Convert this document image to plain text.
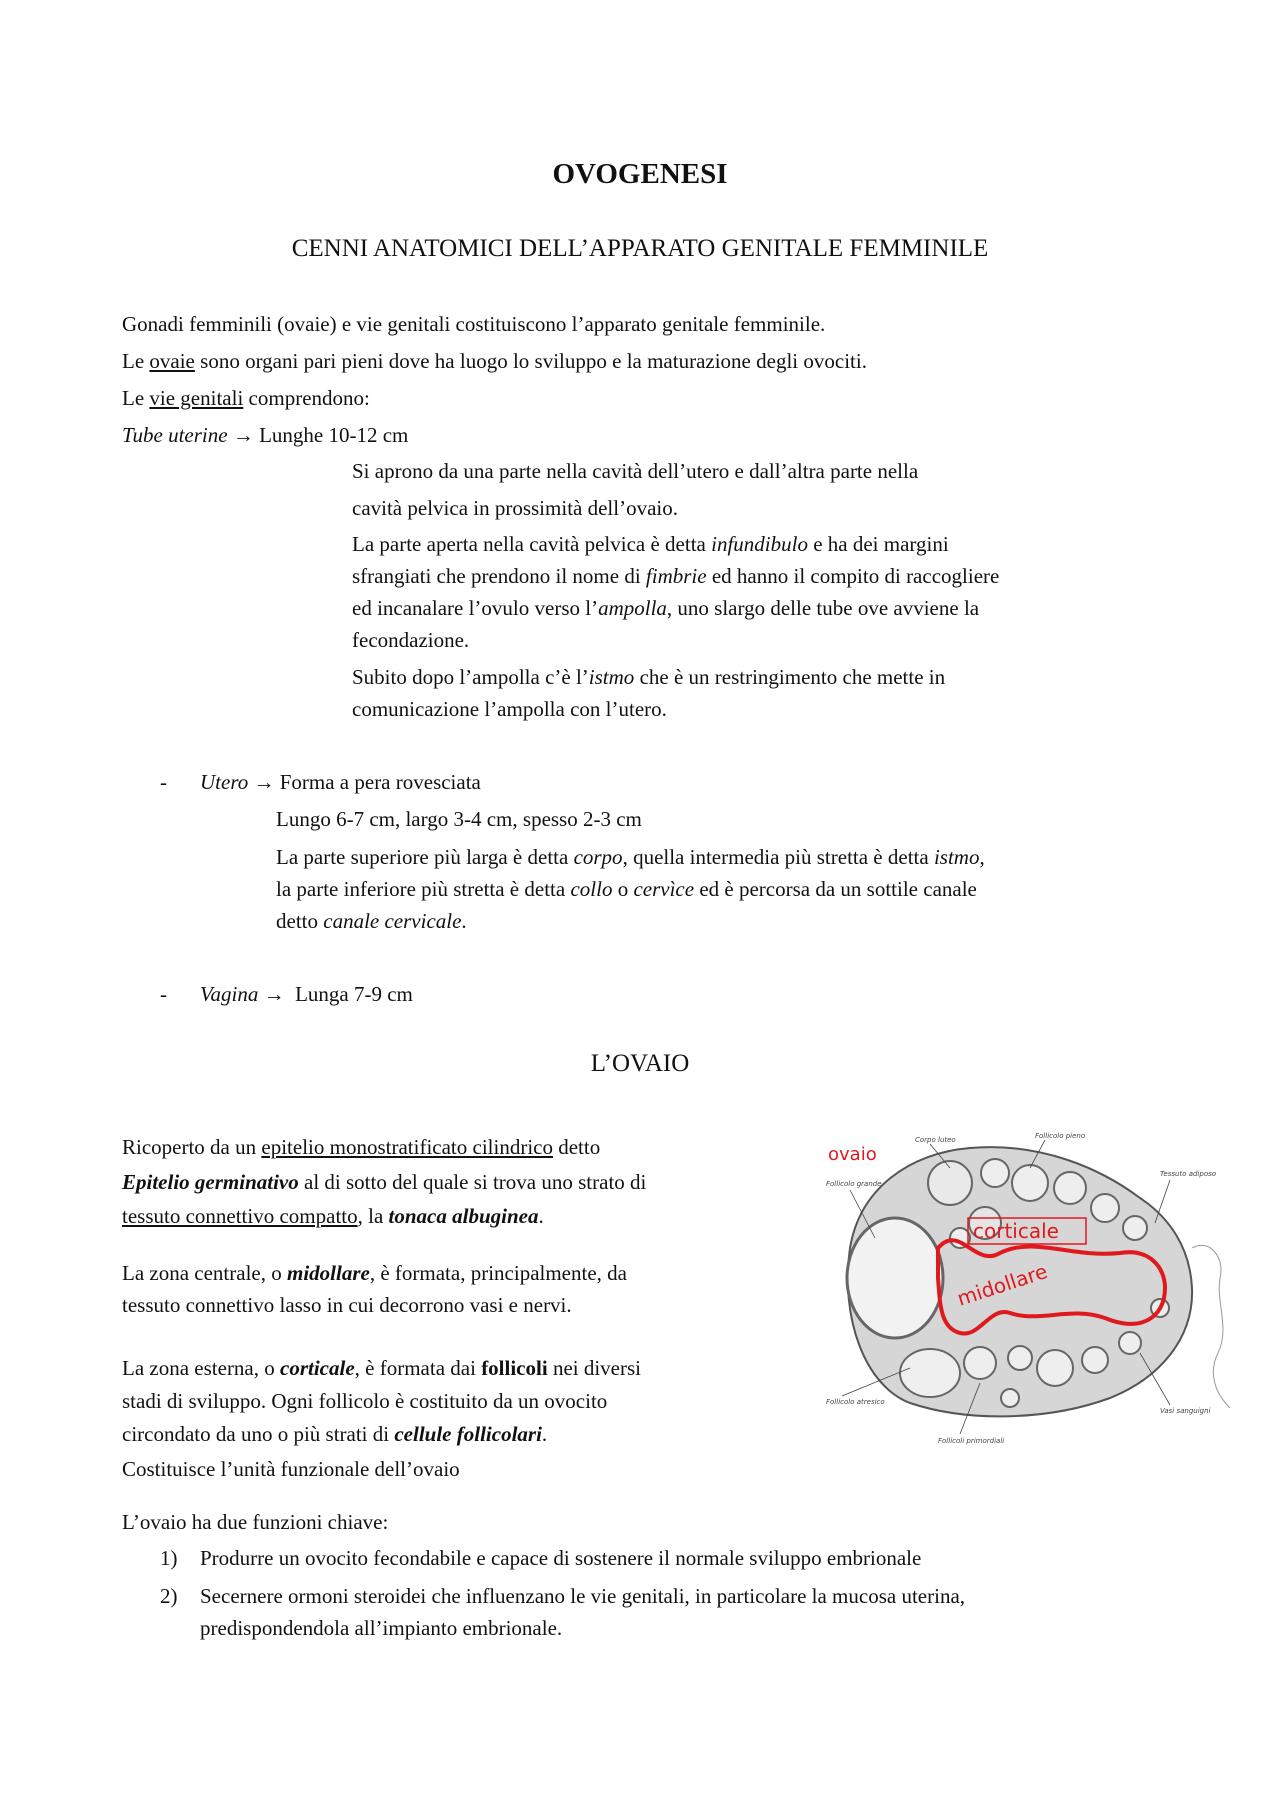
OVOGENESI
CENNI ANATOMICI DELL’APPARATO GENITALE FEMMINILE
Gonadi femminili (ovaie) e vie genitali costituiscono l’apparato genitale femminile.
Le ovaie sono organi pari pieni dove ha luogo lo sviluppo e la maturazione degli ovociti.
Le vie genitali comprendono:
Tube uterine → Lunghe 10-12 cm
Si aprono da una parte nella cavità dell’utero e dall’altra parte nella
cavità pelvica in prossimità dell’ovaio.
La parte aperta nella cavità pelvica è detta infundibulo e ha dei margini
sfrangiati che prendono il nome di fimbrie ed hanno il compito di raccogliere
ed incanalare l’ovulo verso l’ampolla, uno slargo delle tube ove avviene la
fecondazione.
Subito dopo l’ampolla c’è l’istmo che è un restringimento che mette in
comunicazione l’ampolla con l’utero.
- Utero → Forma a pera rovesciata
Lungo 6-7 cm, largo 3-4 cm, spesso 2-3 cm
La parte superiore più larga è detta corpo, quella intermedia più stretta è detta istmo,
la parte inferiore più stretta è detta collo o cervìce ed è percorsa da un sottile canale
detto canale cervicale.
- Vagina → Lunga 7-9 cm
L’OVAIO
Ricoperto da un epitelio monostratificato cilindrico detto
Epitelio germinativo al di sotto del quale si trova uno strato di
tessuto connettivo compatto, la tonaca albuginea.
La zona centrale, o midollare, è formata, principalmente, da
tessuto connettivo lasso in cui decorrono vasi e nervi.
La zona esterna, o corticale, è formata dai follicoli nei diversi
stadi di sviluppo. Ogni follicolo è costituito da un ovocito
circondato da uno o più strati di cellule follicolari.
Costituisce l’unità funzionale dell’ovaio
L’ovaio ha due funzioni chiave:
1) Produrre un ovocito fecondabile e capace di sostenere il normale sviluppo embrionale
2) Secernere ormoni steroidei che influenzano le vie genitali, in particolare la mucosa uterina,
predispondendola all’impianto embrionale.
ovaio
corticale
midollare
Corpo luteo	Follicolo pieno
Follicolo grande
Tessuto adiposo
Follicolo atresico
Follicoli primordiali
Vasi sanguigni
